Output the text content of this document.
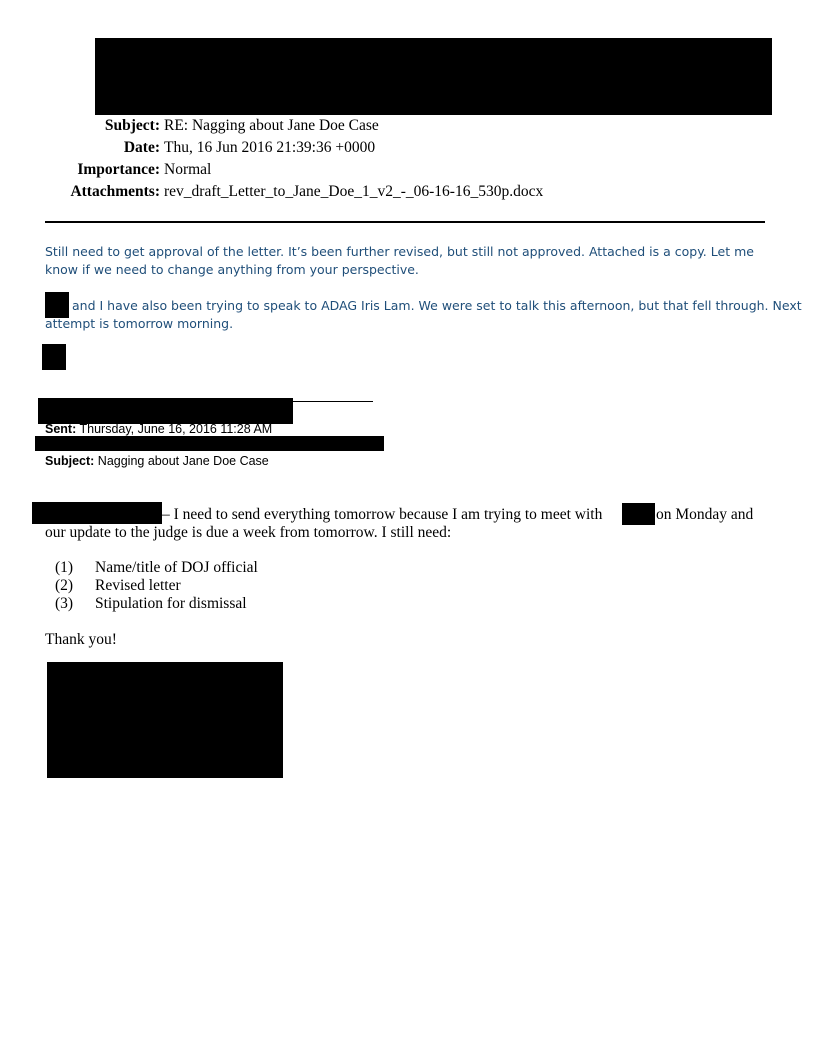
Subject: RE: Nagging about Jane Doe Case
Date: Thu, 16 Jun 2016 21:39:36 +0000
Importance: Normal
Attachments: rev_draft_Letter_to_Jane_Doe_1_v2_-_06-16-16_530p.docx
Still need to get approval of the letter. It’s been further revised, but still not approved. Attached is a copy. Let me know if we need to change anything from your perspective.
and I have also been trying to speak to ADAG Iris Lam. We were set to talk this afternoon, but that fell through. Next
attempt is tomorrow morning.
Sent: Thursday, June 16, 2016 11:28 AM
Subject: Nagging about Jane Doe Case
– I need to send everything tomorrow because I am trying to meet with	on Monday and
our update to the judge is due a week from tomorrow. I still need:
(1) Name/title of DOJ official
(2) Revised letter
(3) Stipulation for dismissal
Thank you!
